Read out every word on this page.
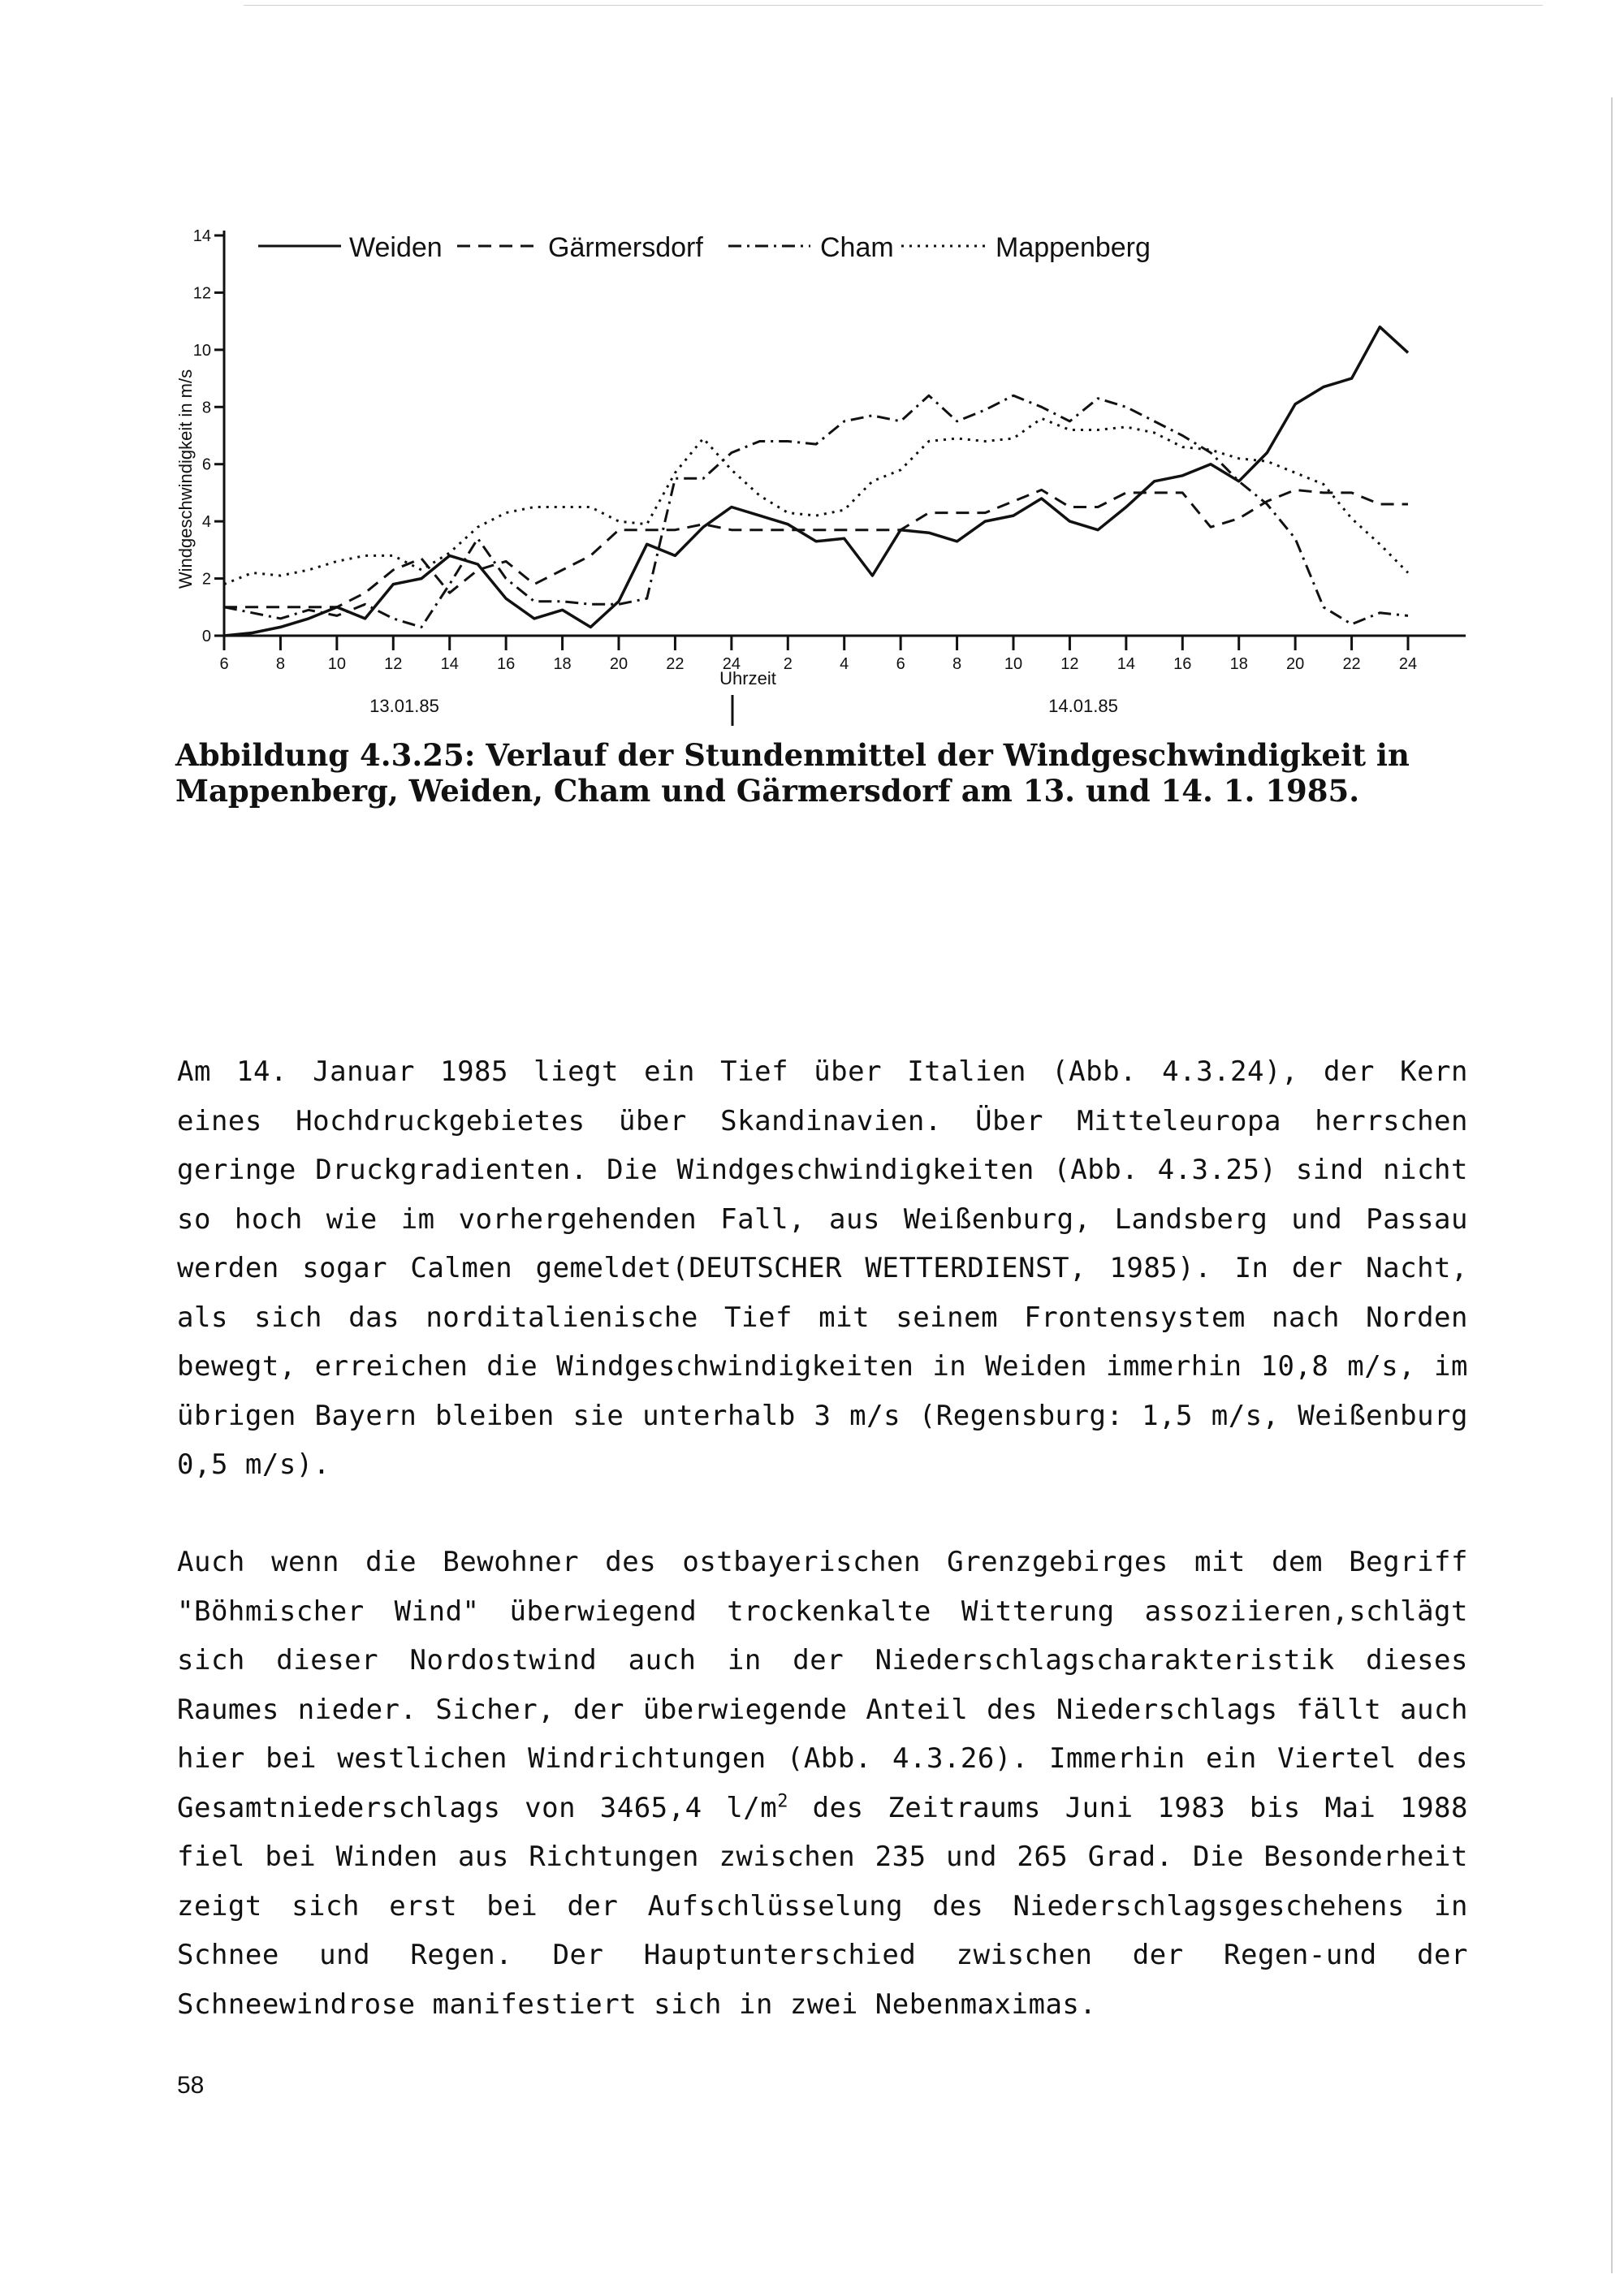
0
2
4
6
8
10
12
14
6	8	10 12 14 16 18 20 22 24	2	4	6	8	10 12 14 16 18 20 22 24
Weiden	Gärmersdorf	Cham	Mappenberg
Windgeschwindigkeit in m/s
Uhrzeit
13.01.85	14.01.85

Abbildung 4.3.25: Verlauf der Stundenmittel der Windgeschwindigkeit in Mappenberg, Weiden, Cham und Gärmersdorf am 13. und 14. 1. 1985.

Am 14. Januar 1985 liegt ein Tief über Italien (Abb. 4.3.24), der Kern eines Hochdruckgebietes über Skandinavien. Über Mitteleuropa herrschen geringe Druckgradienten. Die Windgeschwindigkeiten (Abb. 4.3.25) sind nicht so hoch wie im vorhergehenden Fall, aus Weißenburg, Landsberg und Passau werden sogar Calmen gemeldet(DEUTSCHER WETTERDIENST, 1985). In der Nacht, als sich das norditalienische Tief mit seinem Frontensystem nach Norden bewegt, erreichen die Windgeschwindigkeiten in Weiden immerhin 10,8 m/s, im übrigen Bayern bleiben sie unterhalb 3 m/s (Regensburg: 1,5 m/s, Weißenburg 0,5 m/s).

Auch wenn die Bewohner des ostbayerischen Grenzgebirges mit dem Begriff "Böhmischer Wind" überwiegend trockenkalte Witterung assoziieren,schlägt sich dieser Nordostwind auch in der Niederschlagscharakteristik dieses Raumes nieder. Sicher, der überwiegende Anteil des Niederschlags fällt auch hier bei westlichen Windrichtungen (Abb. 4.3.26). Immerhin ein Viertel des Gesamtniederschlags von 3465,4 $l/m^2$ des Zeitraums Juni 1983 bis Mai 1988 fiel bei Winden aus Richtungen zwischen 235 und 265 Grad. Die Besonderheit zeigt sich erst bei der Aufschlüsselung des Niederschlagsgeschehens in Schnee und Regen. Der Hauptunterschied zwischen der Regen-und der Schneewindrose manifestiert sich in zwei Nebenmaximas.

58
